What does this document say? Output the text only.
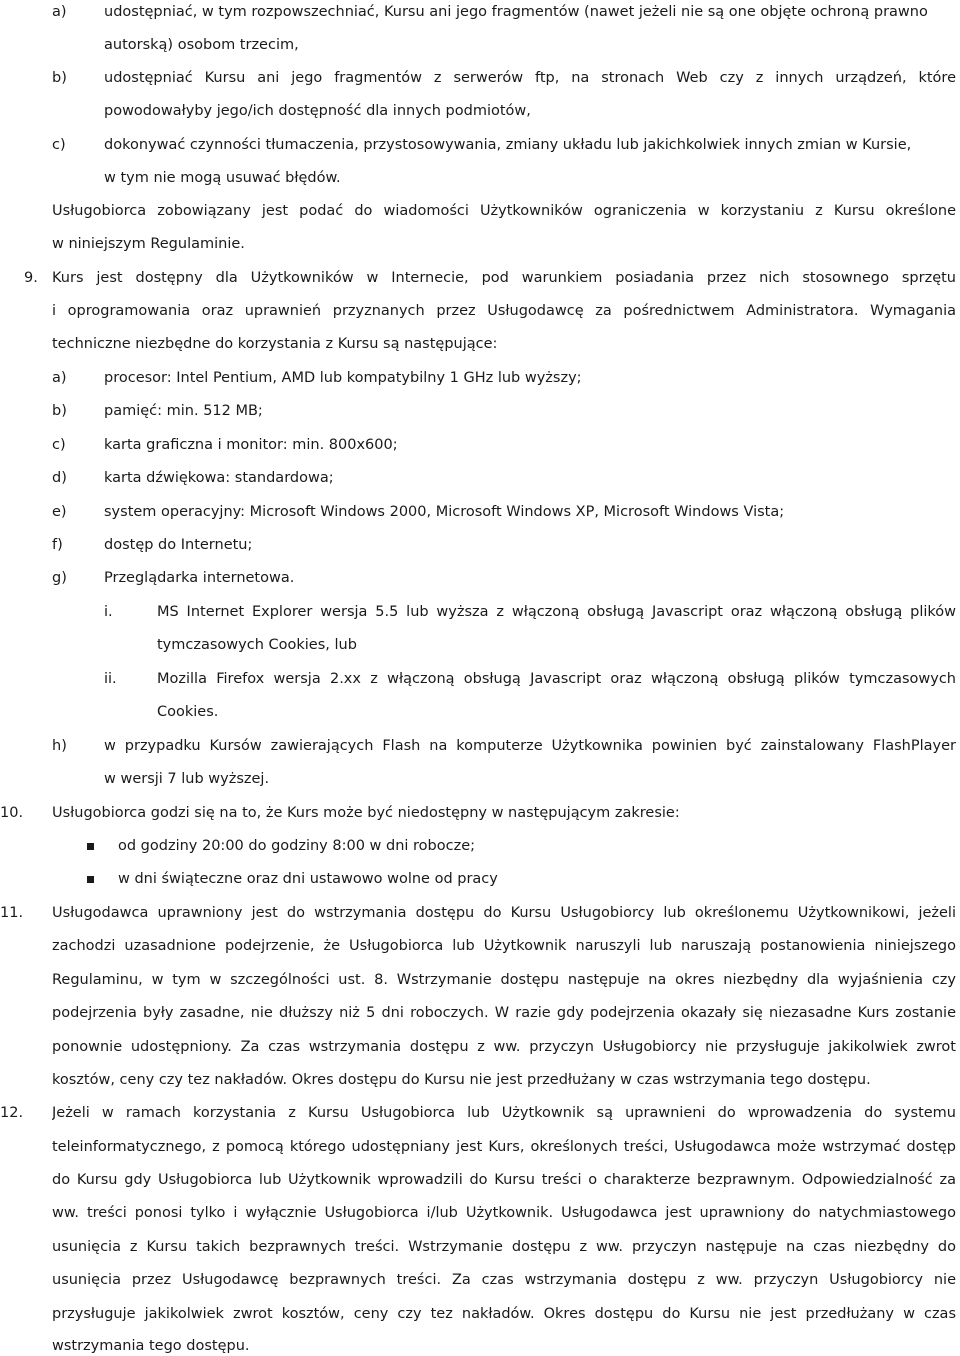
a)	udostępniać, w tym rozpowszechniać, Kursu ani jego fragmentów (nawet jeżeli nie są one objęte ochroną prawno
autorską) osobom trzecim,
b)	udostępniać Kursu ani jego fragmentów z serwerów ftp, na stronach Web czy z innych urządzeń, które
powodowałyby jego/ich dostępność dla innych podmiotów,
c)	dokonywać czynności tłumaczenia, przystosowywania, zmiany układu lub jakichkolwiek innych zmian w Kursie,
w tym nie mogą usuwać błędów.
Usługobiorca zobowiązany jest podać do wiadomości Użytkowników ograniczenia w korzystaniu z Kursu określone
w niniejszym Regulaminie.
9. Kurs jest dostępny dla Użytkowników w Internecie, pod warunkiem posiadania przez nich stosownego sprzętu
i oprogramowania oraz uprawnień przyznanych przez Usługodawcę za pośrednictwem Administratora. Wymagania
techniczne niezbędne do korzystania z Kursu są następujące:
a)	procesor: Intel Pentium, AMD lub kompatybilny 1 GHz lub wyższy;
b)	pamięć: min. 512 MB;
c)	karta graficzna i monitor: min. 800x600;
d)	karta dźwiękowa: standardowa;
e)	system operacyjny: Microsoft Windows 2000, Microsoft Windows XP, Microsoft Windows Vista;
f)	dostęp do Internetu;
g)	Przeglądarka internetowa.
i.	MS Internet Explorer wersja 5.5 lub wyższa z włączoną obsługą Javascript oraz włączoną obsługą plików
tymczasowych Cookies, lub
ii.	Mozilla Firefox wersja 2.xx z włączoną obsługą Javascript oraz włączoną obsługą plików tymczasowych
Cookies.
h)	w przypadku Kursów zawierających Flash na komputerze Użytkownika powinien być zainstalowany FlashPlayer
w wersji 7 lub wyższej.
10. Usługobiorca godzi się na to, że Kurs może być niedostępny w następującym zakresie:
od godziny 20:00 do godziny 8:00 w dni robocze;
w dni świąteczne oraz dni ustawowo wolne od pracy
11. Usługodawca uprawniony jest do wstrzymania dostępu do Kursu Usługobiorcy lub określonemu Użytkownikowi, jeżeli
zachodzi uzasadnione podejrzenie, że Usługobiorca lub Użytkownik naruszyli lub naruszają postanowienia niniejszego
Regulaminu, w tym w szczególności ust. 8. Wstrzymanie dostępu następuje na okres niezbędny dla wyjaśnienia czy
podejrzenia były zasadne, nie dłuższy niż 5 dni roboczych. W razie gdy podejrzenia okazały się niezasadne Kurs zostanie
ponownie udostępniony. Za czas wstrzymania dostępu z ww. przyczyn Usługobiorcy nie przysługuje jakikolwiek zwrot
kosztów, ceny czy tez nakładów. Okres dostępu do Kursu nie jest przedłużany w czas wstrzymania tego dostępu.
12. Jeżeli w ramach korzystania z Kursu Usługobiorca lub Użytkownik są uprawnieni do wprowadzenia do systemu
teleinformatycznego, z pomocą którego udostępniany jest Kurs, określonych treści, Usługodawca może wstrzymać dostęp
do Kursu gdy Usługobiorca lub Użytkownik wprowadzili do Kursu treści o charakterze bezprawnym. Odpowiedzialność za
ww. treści ponosi tylko i wyłącznie Usługobiorca i/lub Użytkownik. Usługodawca jest uprawniony do natychmiastowego
usunięcia z Kursu takich bezprawnych treści. Wstrzymanie dostępu z ww. przyczyn następuje na czas niezbędny do
usunięcia przez Usługodawcę bezprawnych treści. Za czas wstrzymania dostępu z ww. przyczyn Usługobiorcy nie
przysługuje jakikolwiek zwrot kosztów, ceny czy tez nakładów. Okres dostępu do Kursu nie jest przedłużany w czas
wstrzymania tego dostępu.
